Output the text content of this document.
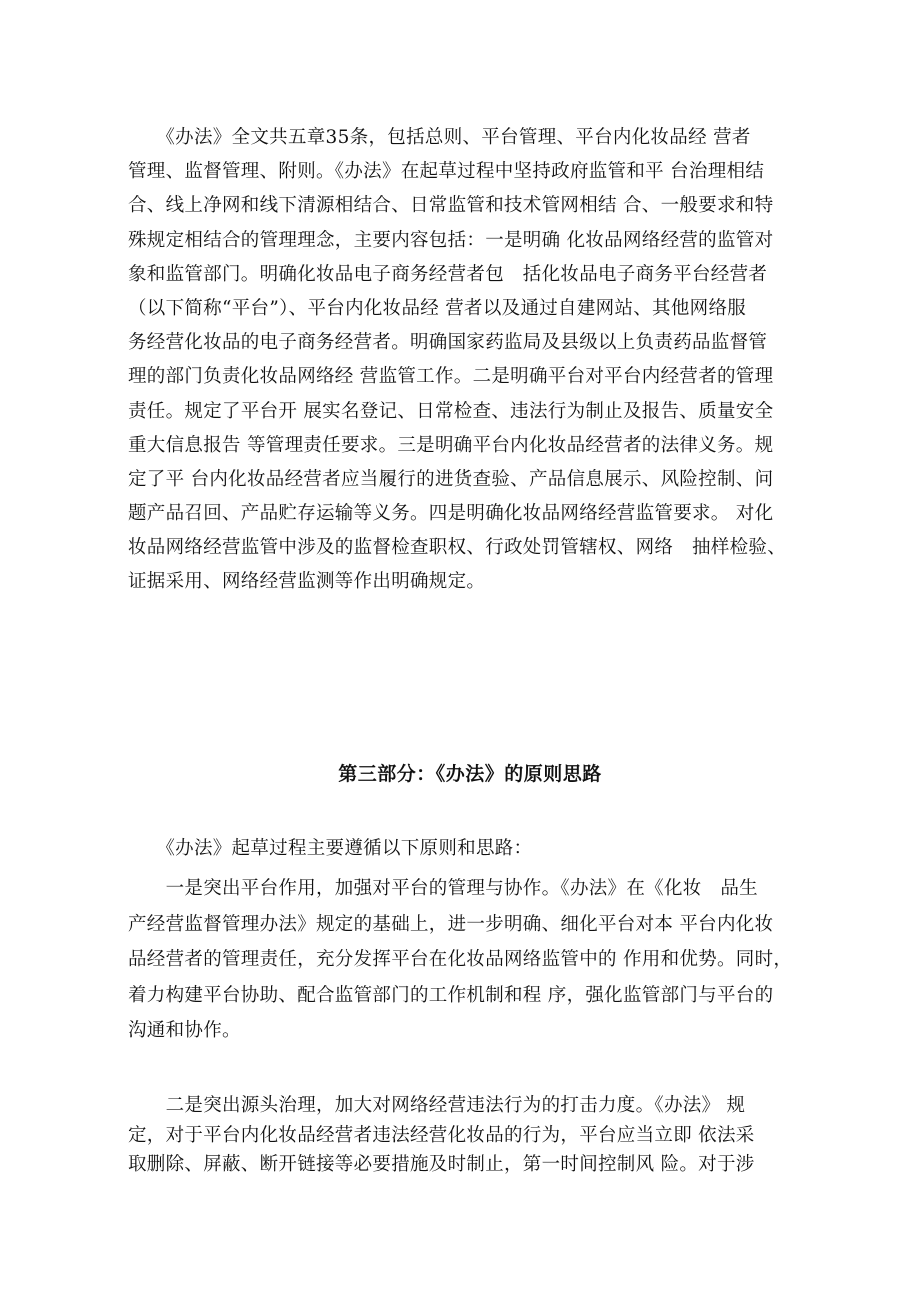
　　《办法》全文共五章35条，包括总则、平台管理、平台内化妆品经 营者
管理、监督管理、附则。《办法》在起草过程中坚持政府监管和平 台治理相结
合、线上净网和线下清源相结合、日常监管和技术管网相结 合、一般要求和特
殊规定相结合的管理理念，主要内容包括：一是明确 化妆品网络经营的监管对
象和监管部门。明确化妆品电子商务经营者包　括化妆品电子商务平台经营者
（以下简称“平台”）、平台内化妆品经 营者以及通过自建网站、其他网络服
务经营化妆品的电子商务经营者。明确国家药监局及县级以上负责药品监督管
理的部门负责化妆品网络经 营监管工作。二是明确平台对平台内经营者的管理
责任。规定了平台开 展实名登记、日常检查、违法行为制止及报告、质量安全
重大信息报告 等管理责任要求。三是明确平台内化妆品经营者的法律义务。规
定了平 台内化妆品经营者应当履行的进货查验、产品信息展示、风险控制、问
题产品召回、产品贮存运输等义务。四是明确化妆品网络经营监管要求。 对化
妆品网络经营监管中涉及的监督检查职权、行政处罚管辖权、网络　抽样检验、
证据采用、网络经营监测等作出明确规定。
第三部分：《办法》的原则思路
　　《办法》起草过程主要遵循以下原则和思路：
　　一是突出平台作用，加强对平台的管理与协作。《办法》在《化妆　品生
产经营监督管理办法》规定的基础上，进一步明确、细化平台对本 平台内化妆
品经营者的管理责任，充分发挥平台在化妆品网络监管中的 作用和优势。同时，
着力构建平台协助、配合监管部门的工作机制和程 序，强化监管部门与平台的
沟通和协作。
　　二是突出源头治理，加大对网络经营违法行为的打击力度。《办法》 规
定，对于平台内化妆品经营者违法经营化妆品的行为，平台应当立即 依法采
取删除、屏蔽、断开链接等必要措施及时制止，第一时间控制风 险。对于涉
